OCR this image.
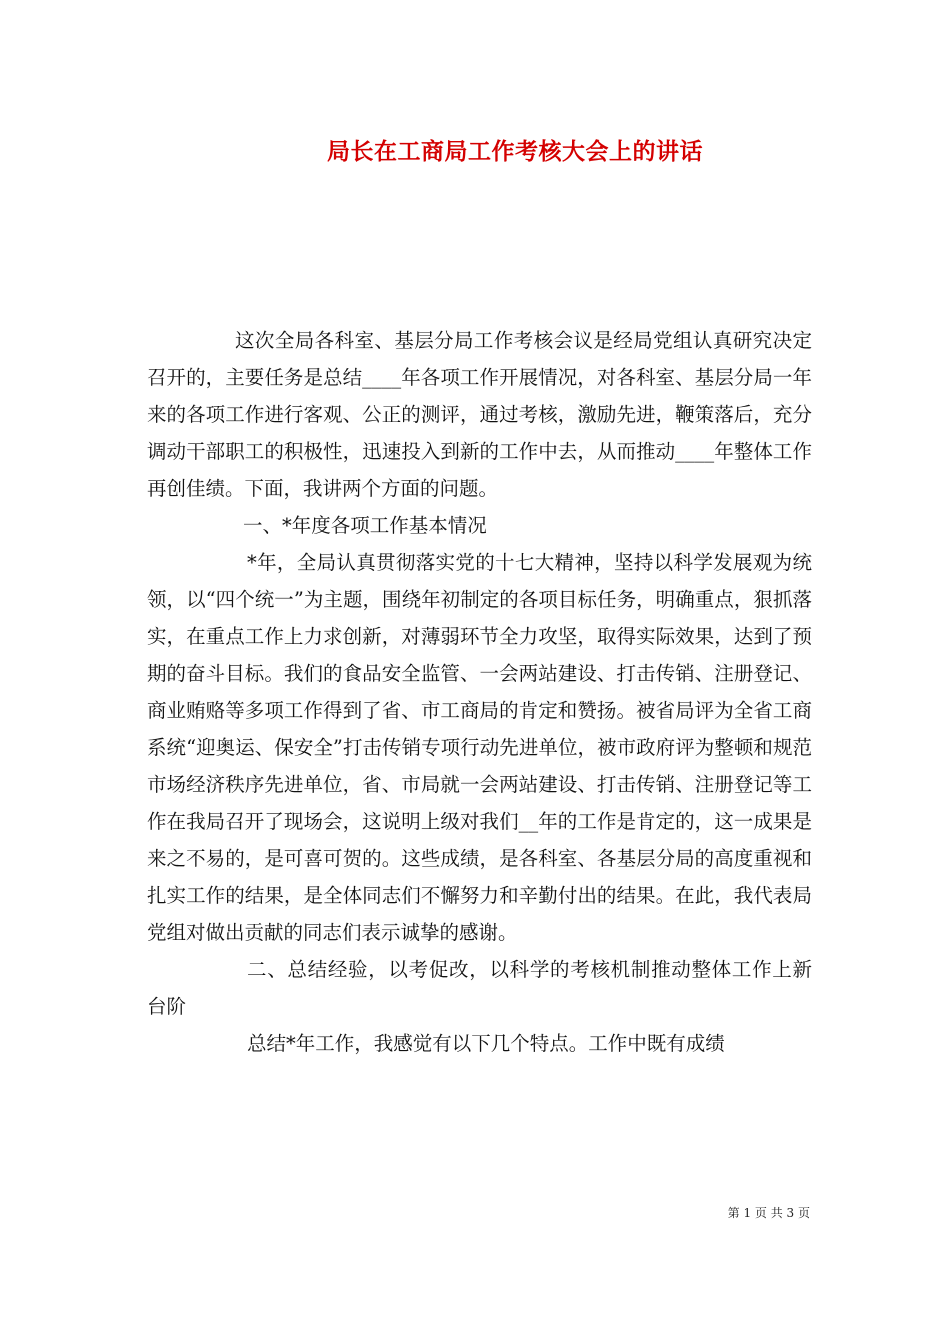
局长在工商局工作考核大会上的讲话

这次全局各科室、基层分局工作考核会议是经局党组认真研究决定召开的，主要任务是总结____年各项工作开展情况，对各科室、基层分局一年来的各项工作进行客观、公正的测评，通过考核，激励先进，鞭策落后，充分调动干部职工的积极性，迅速投入到新的工作中去，从而推动____年整体工作再创佳绩。下面，我讲两个方面的问题。

一、*年度各项工作基本情况

*年，全局认真贯彻落实党的十七大精神，坚持以科学发展观为统领，以“四个统一”为主题，围绕年初制定的各项目标任务，明确重点，狠抓落实，在重点工作上力求创新，对薄弱环节全力攻坚，取得实际效果，达到了预期的奋斗目标。我们的食品安全监管、一会两站建设、打击传销、注册登记、商业贿赂等多项工作得到了省、市工商局的肯定和赞扬。被省局评为全省工商系统“迎奥运、保安全”打击传销专项行动先进单位，被市政府评为整顿和规范市场经济秩序先进单位，省、市局就一会两站建设、打击传销、注册登记等工作在我局召开了现场会，这说明上级对我们__年的工作是肯定的，这一成果是来之不易的，是可喜可贺的。这些成绩，是各科室、各基层分局的高度重视和扎实工作的结果，是全体同志们不懈努力和辛勤付出的结果。在此，我代表局党组对做出贡献的同志们表示诚挚的感谢。

二、总结经验，以考促改，以科学的考核机制推动整体工作上新台阶

总结*年工作，我感觉有以下几个特点。工作中既有成绩

第 1 页 共 3 页
